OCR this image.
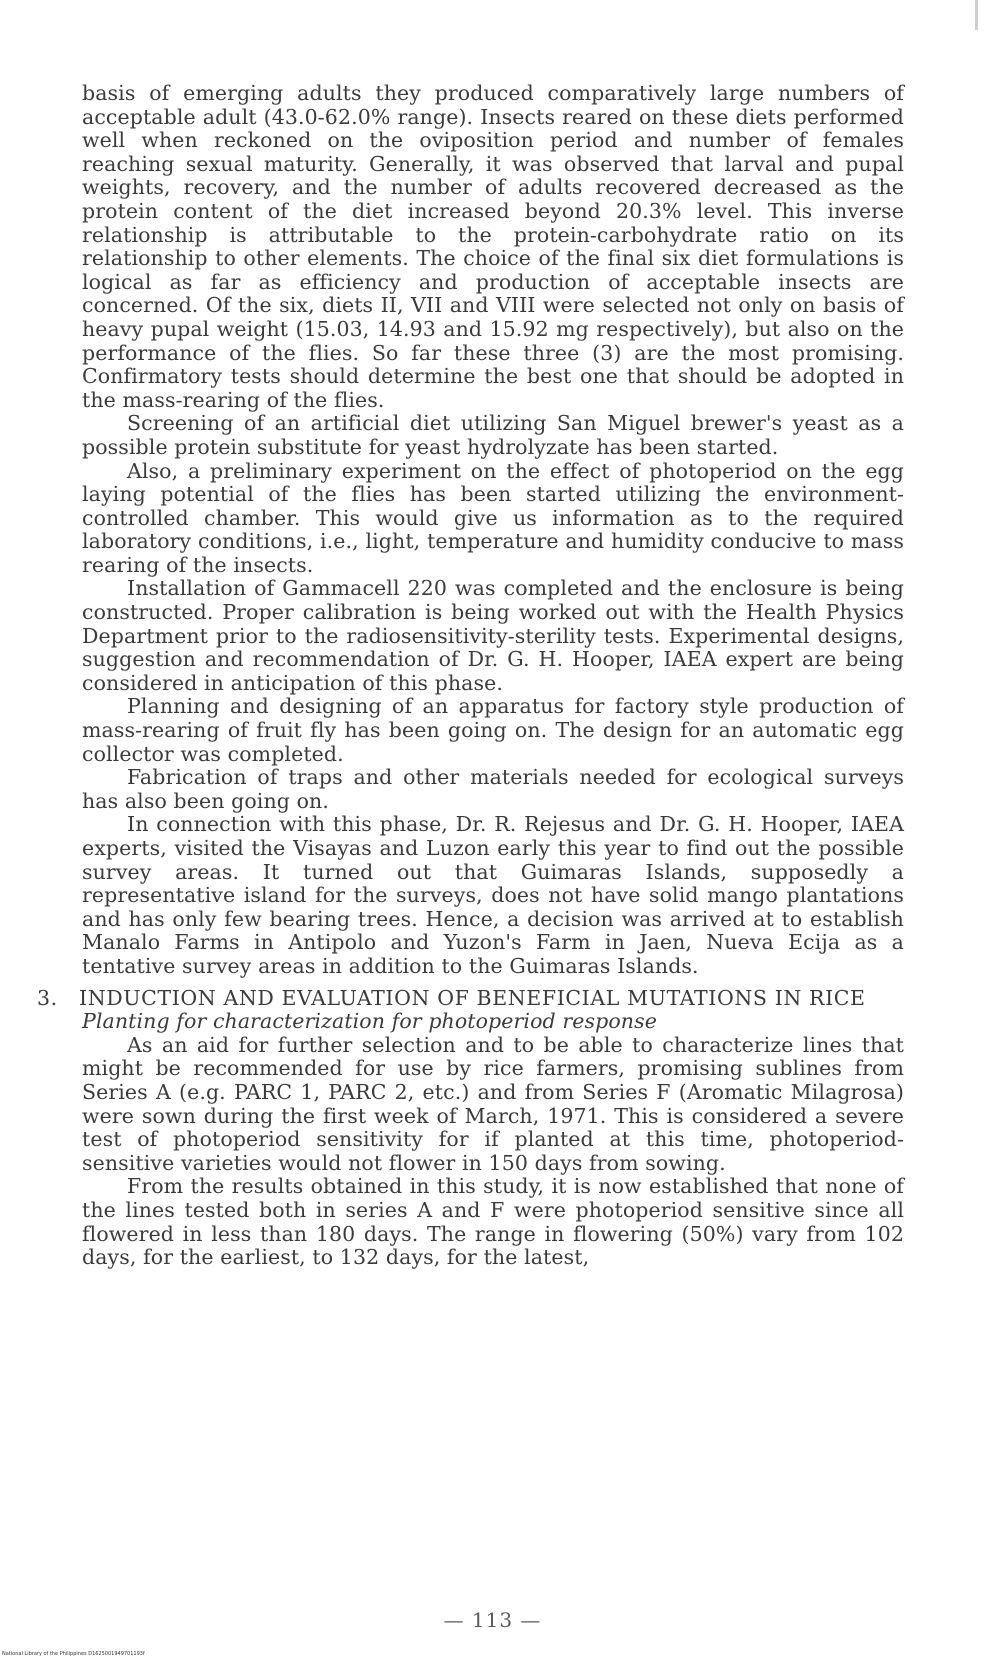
basis of emerging adults they produced comparatively large numbers of acceptable adult (43.0-62.0% range). Insects reared on these diets performed well when reckoned on the oviposition period and number of females reaching sexual maturity. Generally, it was observed that larval and pupal weights, recovery, and the number of adults recovered decreased as the protein content of the diet increased beyond 20.3% level. This inverse relationship is attributable to the protein-carbohydrate ratio on its relationship to other elements. The choice of the final six diet formulations is logical as far as efficiency and production of acceptable insects are concerned. Of the six, diets II, VII and VIII were selected not only on basis of heavy pupal weight (15.03, 14.93 and 15.92 mg respectively), but also on the performance of the flies. So far these three (3) are the most promising. Confirmatory tests should determine the best one that should be adopted in the mass-rearing of the flies.

Screening of an artificial diet utilizing San Miguel brewer's yeast as a possible protein substitute for yeast hydrolyzate has been started.

Also, a preliminary experiment on the effect of photoperiod on the egg laying potential of the flies has been started utilizing the environment-controlled chamber. This would give us information as to the required laboratory conditions, i.e., light, temperature and humidity conducive to mass rearing of the insects.

Installation of Gammacell 220 was completed and the enclosure is being constructed. Proper calibration is being worked out with the Health Physics Department prior to the radiosensitivity-sterility tests. Experimental designs, suggestion and recommendation of Dr. G. H. Hooper, IAEA expert are being considered in anticipation of this phase.

Planning and designing of an apparatus for factory style production of mass-rearing of fruit fly has been going on. The design for an automatic egg collector was completed.

Fabrication of traps and other materials needed for ecological surveys has also been going on.

In connection with this phase, Dr. R. Rejesus and Dr. G. H. Hooper, IAEA experts, visited the Visayas and Luzon early this year to find out the possible survey areas. It turned out that Guimaras Islands, supposedly a representative island for the surveys, does not have solid mango plantations and has only few bearing trees. Hence, a decision was arrived at to establish Manalo Farms in Antipolo and Yuzon's Farm in Jaen, Nueva Ecija as a tentative survey areas in addition to the Guimaras Islands.

3.	INDUCTION AND EVALUATION OF BENEFICIAL MUTATIONS IN RICE

Planting for characterization for photoperiod response

As an aid for further selection and to be able to characterize lines that might be recommended for use by rice farmers, promising sublines from Series A (e.g. PARC 1, PARC 2, etc.) and from Series F (Aromatic Milagrosa) were sown during the first week of March, 1971. This is considered a severe test of photoperiod sensitivity for if planted at this time, photoperiod-sensitive varieties would not flower in 150 days from sowing.

From the results obtained in this study, it is now established that none of the lines tested both in series A and F were photoperiod sensitive since all flowered in less than 180 days. The range in flowering (50%) vary from 102 days, for the earliest, to 132 days, for the latest,

— 113 —
National Library of the Philippines D1625001949701193f
